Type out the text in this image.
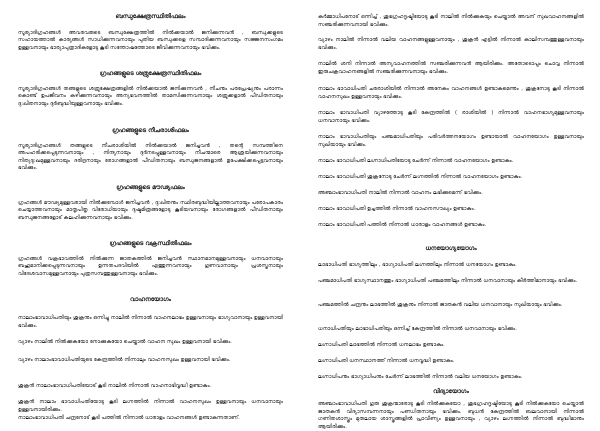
ബന്ധുക്ഷേത്രസ്ഥിതിഫലം
സൂര്യാദിഗ്രഹങ്ങൾ അവരവരുടെ ബന്ധുക്ഷേത്രത്തിൽ നിൽക്കയാൽ ജനിക്കുന്നവൻ , ബന്ധുക്കളുടെ സഹായത്താൽ കാര്യങ്ങൾ സാധിക്കുന്നവനായും പുതിയ ബന്ധുക്കളെ സമ്പാദിക്കുന്നവനായും സജ്ജനസംഗമം ഉള്ളവനായും ഭാര്യാപുത്രാദികളോടു കൂടി സന്തോഷത്തോടെ ജീവിക്കുന്നവനായും ഭവിക്കും.
ഗ്രഹങ്ങളുടെ ശത്രുക്ഷേത്രസ്ഥിതിഫലം
സൂര്യാദിഗ്രഹങ്ങൾ തങ്ങളുടെ ശത്രുക്ഷേത്രങ്ങളിൽ നിൽക്കയാൽ ജനിക്കുന്നവൻ , നീചനും പരപ്രേഷ്യനും പരാന്നം കൊണ്ട് ഉപജീവനം കഴിക്കുന്നവനായും അന്യഭവനത്തിൽ താമസിക്കുന്നവനായും ശത്രുക്കളാൽ പീഡിതനായും ദു:ഖിതനായും ദുർബുദ്ധിയുള്ളവനായും ഭവിക്കും.
ഗ്രഹങ്ങളുടെ നീചരാശിഫലം
സൂര്യാദിഗ്രഹങ്ങൾ തങ്ങളുടെ നീചരാശിയിൽ നിൽക്കയാൽ ജനിച്ചവൻ , തന്റെ സമ്പത്തിനെ അപഹരിക്കപ്പെടുന്നവനായും , നിന്ദ്യനായും ദുർനടപ്പുള്ളവനായും നീചന്മാരെ ആശ്രയിക്കുന്നവനായും നിത്യദു:ഖമുള്ളവനായും ദരിദ്രനായും രോഗങ്ങളാൽ പീഡിതനായും ബന്ധുജനങ്ങളാൽ ഉപേക്ഷിക്കപ്പെട്ടവനായും ഭവിക്കും.
ഗ്രഹങ്ങളുടെ മൗഢ്യഫലം
ഗ്രഹങ്ങൾ മൗഢ്യമുള്ളവരായി നിൽക്കുമ്പോൾ ജനിച്ചവൻ , ദു:ഖിതനും സ്ഥിരബുദ്ധിയില്ലാത്തവനായും പരോപകാരം ചെയ്യാത്തവനായും മാതൃപിതൃ വിരോധിയായും ദുഷ്ടമിത്രങ്ങളോടു കൂടിയവനായും രോഗങ്ങളാൽ പീഡിതനായും ബന്ധുജനങ്ങളോട് കലഹിക്കുന്നവനായും ഭവിക്കും.
ഗ്രഹങ്ങളുടെ വക്രസ്ഥിതിഫലം
ഗ്രഹങ്ങൾ വക്രഭാവത്തിൽ നിൽക്കുന്ന ജാതകത്തിൽ ജനിച്ചവൻ സ്ഥാനമാനമുള്ളവനായും ധനവാനായും ബഹുമാനിക്കപ്പെടുന്നവനായും ഉന്നതപദവിയിൽ എത്തുന്നവനായും ഗുണവാനായും പ്രശസ്തനായും വിദേശവാസമുള്ളവനായും പുത്രസമ്പത്തുള്ളവനായും ഭവിക്കും.
വാഹനയോഗം
നാലാംഭാവാധിപതിയും ശുക്രനും ഒന്നിച്ചു നാലിൽ നിന്നാൽ വാഹനലാഭം ഉള്ളവനായും ഭാഗ്യവാനായും ഉള്ളവനായി ഭവിക്കും.
വ്യാഴം നാലിൽ നിൽക്കുകയോ നോക്കുകയോ ചെയ്താൽ വാഹന സുഖം ഉള്ളവനായി ഭവിക്കും.
വ്യാഴം നാലാംഭാവാധിപതിയുടെ കേന്ദ്രത്തിൽ നിന്നാലും വാഹനസുഖം ഉള്ളവനായി ഭവിക്കും.
ശുക്രൻ നാലാംഭാവാധിപതിയോട് കൂടി നാലിൽ നിന്നാൽ വാഹനാഭിവൃദ്ധി ഉണ്ടാകും.
ശുക്രൻ നാലാം ഭാവാധിപതിയോടു കൂടി ലഗ്നത്തിൽ നിന്നാൽ വാഹനസുഖം ഉള്ളവനായും ധനവാനായും ഉള്ളവനായിരിക്കും.
നാലാംഭാവാധിപതി ചന്ദ്രനോട് കൂടി പത്തിൽ നിന്നാൽ ധാരാളം വാഹനങ്ങൾ ഉണ്ടാകുന്നതാണ്.
കർമ്മാധിപനോട് ഒന്നിച്ച് , ശുഭഗ്രഹദൃഷ്ടിയോടു കൂടി നാലിൽ നിൽക്കുകയും ചെയ്താൽ അവന് സുഖവാഹനങ്ങളിൽ സഞ്ചരിക്കുന്നവനായി ഭവിക്കും.
വ്യാഴം നാലിൽ നിന്നാൽ വലിയ വാഹനങ്ങളുള്ളവനായും , ശുക്രൻ എട്ടിൽ നിന്നാൽ കാലിസമ്പത്തുള്ളവനായും ഭവിക്കും.
നാലിൽ ശനി നിന്നാൽ അന്യവാഹനത്തിൽ സഞ്ചരിക്കുന്നവൻ ആയിരിക്കും. അതോടൊപ്പം ചൊവ്വ നിന്നാൽ ഇരുചക്രവാഹനങ്ങളിൽ സഞ്ചരിക്കുന്നവനായും ഭവിക്കും.
നാലാം ഭാവാധിപതി ചരരാശിയിൽ നിന്നാൽ അനേകം വാഹനങ്ങൾ ഉണ്ടാകുമെന്നും , ശുക്രനോടു കൂടി നിന്നാൽ വാഹനസുഖം ഉള്ളവനായും ഭവിക്കും.
നാലാം ഭാവാധിപതി വ്യാഴത്തോടു കൂടി കേന്ദ്രത്തിൽ ( രാശിയിൽ ) നിന്നാൽ വാഹനഭാഗ്യമുള്ളവനായും ധനവാനായും ഭവിക്കും.
നാലാം ഭാവാധിപതിയും പഞ്ചമാധിപതിയും പരിവർത്തനയോഗം ഉണ്ടായാൽ വാഹനയോഗം ഉള്ളവനായും സുഖിയായും ഭവിക്കും.
നാലാം ഭാവാധിപതി ലഗ്നാധിപതിയോടു ചേർന്ന് നിന്നാൽ വാഹനയോഗം ഉണ്ടാകും.
നാലാം ഭാവാധിപതി ശുക്രനോടു ചേർന്ന് ലഗ്നത്തിൽ നിന്നാൽ വാഹനയോഗം ഉണ്ടാകും.
അഞ്ചാംഭാവാധിപതി നാലിൽ നിന്നാൽ വാഹനം ലഭിക്കുമെന്ന് ഭവിക്കും.
നാലാം ഭാവാധിപതി ഉച്ചത്തിൽ നിന്നാൽ വാഹനസൗഖ്യം ഉണ്ടാകും.
നാലാം ഭാവാധിപതി പത്തിൽ നിന്നാൽ ധാരാളം വാഹനങ്ങൾ ഉണ്ടാകും.
ധനയോഗ്യയോഗം
ലാഭാധിപതി ഭാഗ്യത്തിലും , ഭാഗ്യാധിപതി ലഗ്നത്തിലും നിന്നാൽ ധനയോഗം ഉണ്ടാകും.
പഞ്ചമാധിപതി ഭാഗ്യസ്ഥാനത്തും ഭാഗ്യാധിപതി പഞ്ചമത്തിലും നിന്നാൽ ധനവാനായും കീർത്തിമാനായും ഭവിക്കും.
പഞ്ചമത്തിൽ ചന്ദ്രനും ലാഭത്തിൽ ശുക്രനും നിന്നാൽ ജാതകൻ വലിയ ധനവാനായും സുഖിയായും ഭവിക്കും.
ധനാധിപതിയും ലാഭാധിപതിയും ഒന്നിച്ച് കേന്ദ്രത്തിൽ നിന്നാൽ ധനവാനായും ഭവിക്കും.
ലഗ്നാധിപതി ലാഭത്തിൽ നിന്നാൽ ധനലാഭം ഉണ്ടാകും.
ലഗ്നാധിപതി ധനസ്ഥാനത്ത് നിന്നാൽ ധനവൃദ്ധി ഉണ്ടാകും.
ലഗ്നാധിപനും ഭാഗ്യാധിപനും ചേർന്ന് ലാഭത്തിൽ നിന്നാൽ വലിയ ധനയോഗം ഉണ്ടാകും.
വിദ്യായോഗം
അഞ്ചാംഭാവാധിപതി ഗുരു ശുക്രന്മാരോടു കൂടി നിൽക്കുകയോ , ശുഭഗ്രഹദൃഷ്ടിയോടു കൂടി നിൽക്കുകയോ ചെയ്താൽ ജാതകൻ വിദ്യാസമ്പന്നനായും പണ്ഡിതനായും ഭവിക്കും. ബുധൻ കേന്ദ്രത്തിൽ ബലവാനായി നിന്നാൽ ഗണിതശാസ്ത്രം മുതലായ ശാസ്ത്രങ്ങളിൽ പ്രാവീണ്യം ഉള്ളവനായും , വ്യാഴം ലഗ്നത്തിൽ നിന്നാൽ ബുദ്ധിമാനും ആയിരിക്കും.
